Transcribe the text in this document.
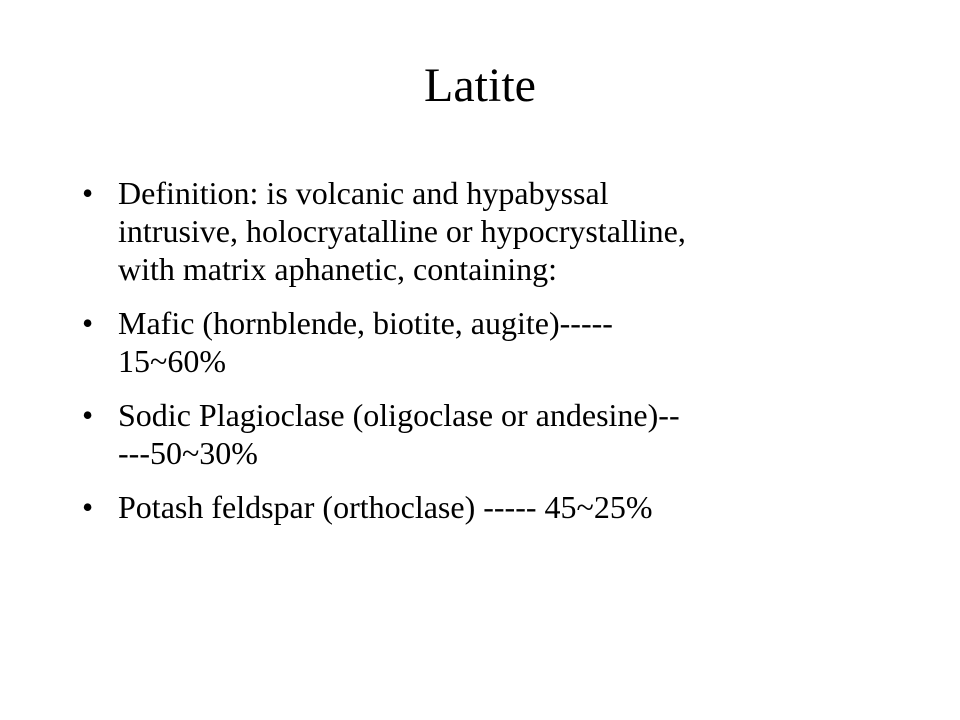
Latite
• Definition: is volcanic and hypabyssal
intrusive, holocryatalline or hypocrystalline,
with matrix aphanetic, containing:
• Mafic (hornblende, biotite, augite)-----
15~60%
• Sodic Plagioclase (oligoclase or andesine)--
---50~30%
• Potash feldspar (orthoclase) ----- 45~25%
